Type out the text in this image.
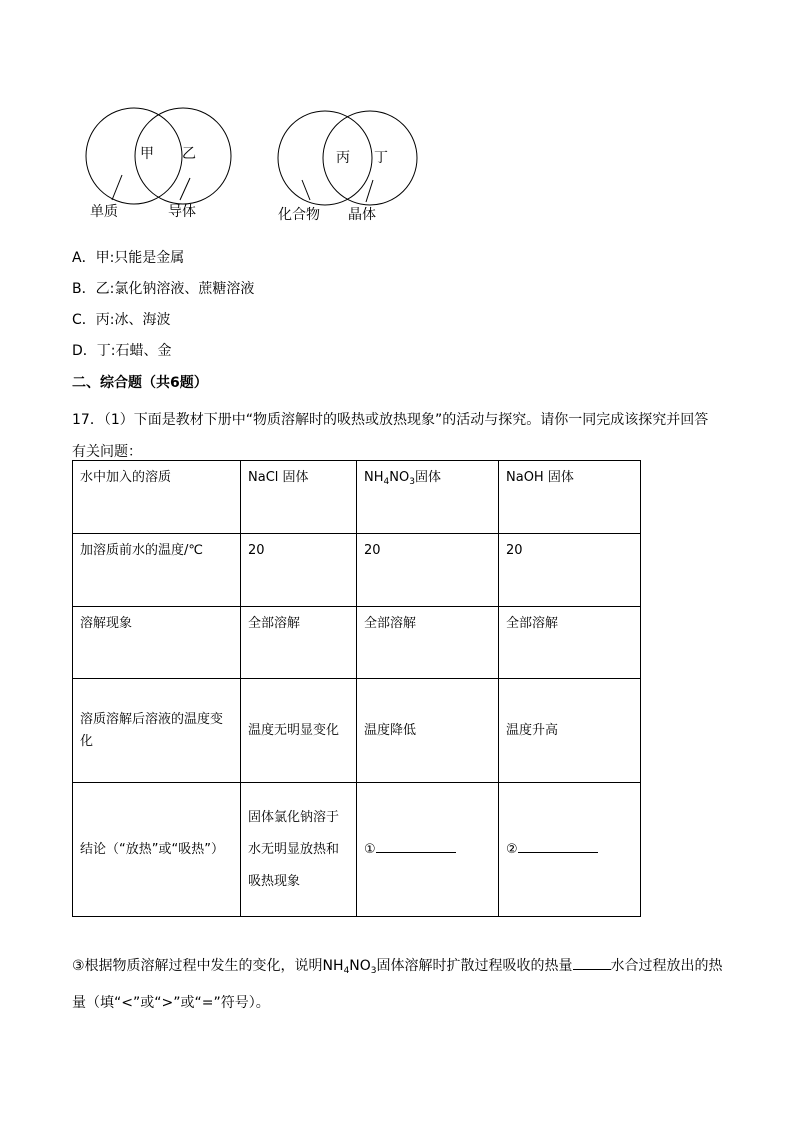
甲 乙
单质	导体
丙 丁
化合物 晶体
A．甲:只能是金属
B．乙:氯化钠溶液、蔗糖溶液
C．丙:冰、海波
D．丁:石蜡、金
二、综合题（共6题）
17．（1）下面是教材下册中“物质溶解时的吸热或放热现象”的活动与探究。请你一同完成该探究并回答有关问题：
水中加入的溶质	NaCl 固体	$NH_4NO_3$固体	NaOH 固体
加溶质前水的温度/℃	20	20	20
溶解现象	全部溶解	全部溶解	全部溶解
溶质溶解后溶液的温度变化	温度无明显变化	温度降低	温度升高
结论（“放热”或“吸热”）	固体氯化钠溶于水无明显放热和吸热现象	①	②
③根据物质溶解过程中发生的变化，说明$NH_4NO_3$固体溶解时扩散过程吸收的热量	水合过程放出的热量（填“<”或“>”或“=”符号）。
